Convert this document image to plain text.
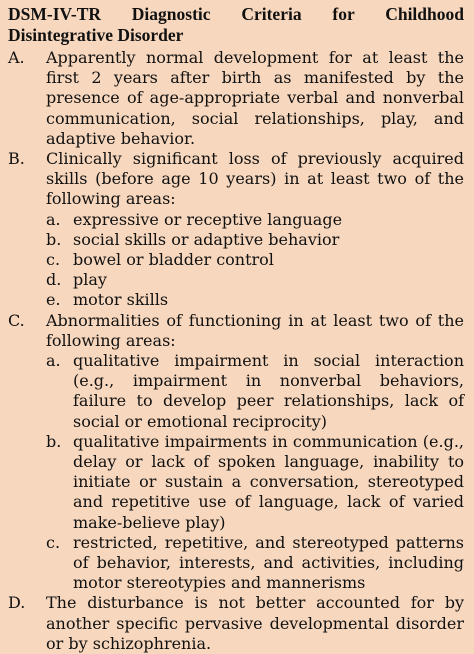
DSM-IV-TR Diagnostic Criteria for Childhood Disintegrative Disorder
A.	Apparently normal development for at least the first 2 years after birth as manifested by the presence of age-appropriate verbal and nonverbal communication, social relationships, play, and adaptive behavior.
B.	Clinically significant loss of previously acquired skills (before age 10 years) in at least two of the following areas:
a. expressive or receptive language
b. social skills or adaptive behavior
c. bowel or bladder control
d. play
e. motor skills
C.	Abnormalities of functioning in at least two of the following areas:
a. qualitative impairment in social interaction (e.g., impairment in nonverbal behaviors, failure to develop peer relationships, lack of social or emotional reciprocity)
b. qualitative impairments in communication (e.g., delay or lack of spoken language, inability to initiate or sustain a conversation, stereotyped and repetitive use of language, lack of varied make-believe play)
c. restricted, repetitive, and stereotyped patterns of behavior, interests, and activities, including motor stereotypies and mannerisms
D.	The disturbance is not better accounted for by another specific pervasive developmental disorder or by schizophrenia.
